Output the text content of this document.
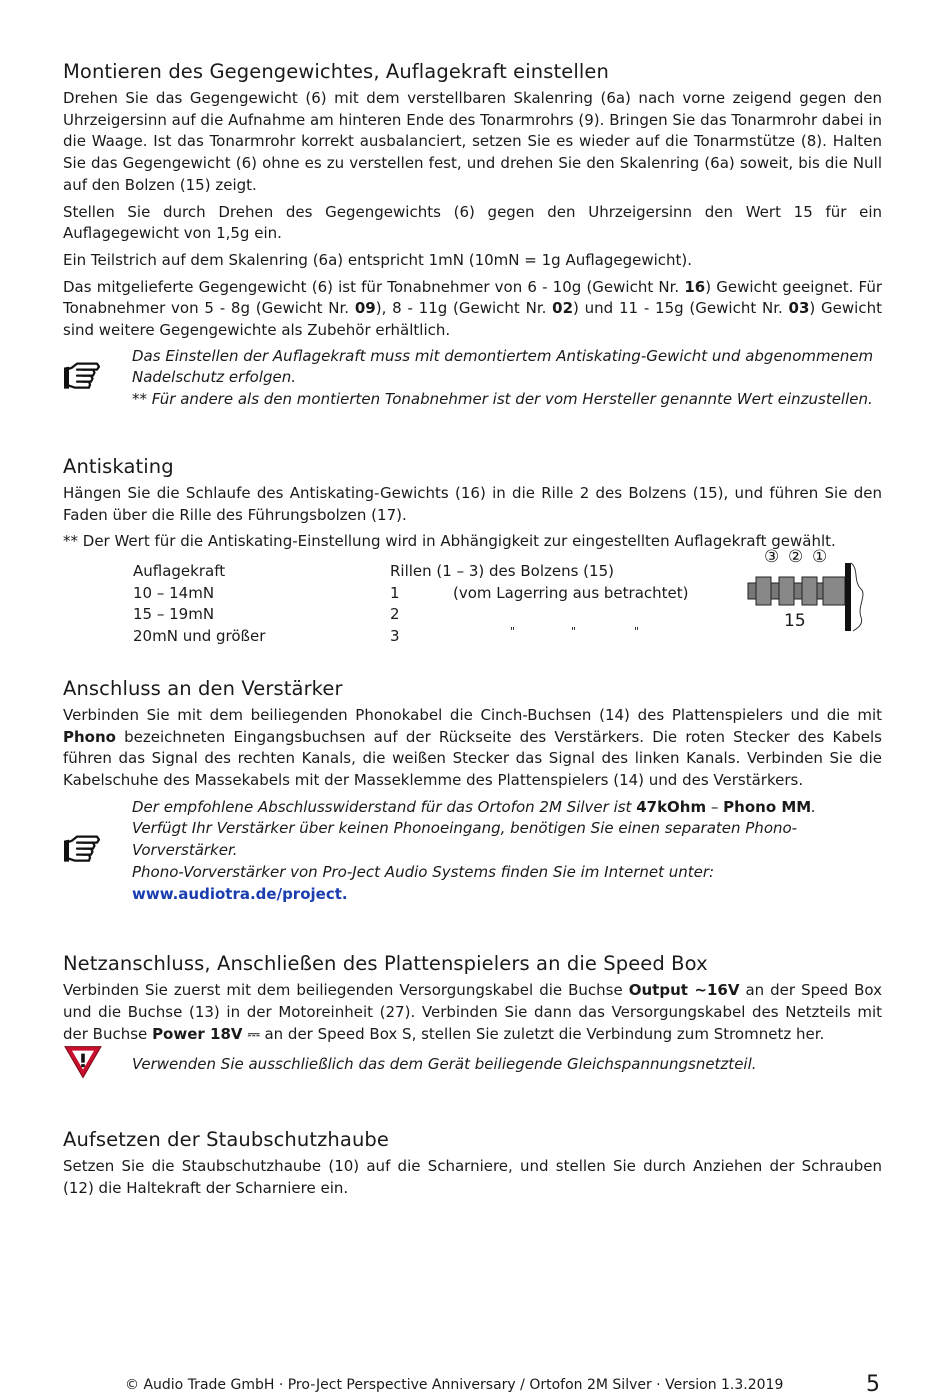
Montieren des Gegengewichtes, Auflagekraft einstellen

Drehen Sie das Gegengewicht (6) mit dem verstellbaren Skalenring (6a) nach vorne zeigend gegen den Uhrzeigersinn auf die Aufnahme am hinteren Ende des Tonarmrohrs (9). Bringen Sie das Tonarmrohr dabei in die Waage. Ist das Tonarmrohr korrekt ausbalanciert, setzen Sie es wieder auf die Tonarmstütze (8). Halten Sie das Gegengewicht (6) ohne es zu verstellen fest, und drehen Sie den Skalenring (6a) soweit, bis die Null auf den Bolzen (15) zeigt.

Stellen Sie durch Drehen des Gegengewichts (6) gegen den Uhrzeigersinn den Wert 15 für ein Auflagegewicht von 1,5g ein.

Ein Teilstrich auf dem Skalenring (6a) entspricht 1mN (10mN = 1g Auflagegewicht).

Das mitgelieferte Gegengewicht (6) ist für Tonabnehmer von 6 - 10g (Gewicht Nr. 16) Gewicht geeignet. Für Tonabnehmer von 5 - 8g (Gewicht Nr. 09), 8 - 11g (Gewicht Nr. 02) und 11 - 15g (Gewicht Nr. 03) Gewicht sind weitere Gegengewichte als Zubehör erhältlich.

Das Einstellen der Auflagekraft muss mit demontiertem Antiskating-Gewicht und abgenommenem
Nadelschutz erfolgen.
** Für andere als den montierten Tonabnehmer ist der vom Hersteller genannte Wert einzustellen.
Antiskating

Hängen Sie die Schlaufe des Antiskating-Gewichts (16) in die Rille 2 des Bolzens (15), und führen Sie den Faden über die Rille des Führungsbolzen (17).

** Der Wert für die Antiskating-Einstellung wird in Abhängigkeit zur eingestellten Auflagekraft gewählt.

Auflagekraft	Rillen (1 – 3) des Bolzens (15)
10 – 14mN	1	(vom Lagerring aus betrachtet)
15 – 19mN	2
20mN und größer	3	"	"	"
③ ② ①
15
Anschluss an den Verstärker

Verbinden Sie mit dem beiliegenden Phonokabel die Cinch-Buchsen (14) des Plattenspielers und die mit Phono bezeichneten Eingangsbuchsen auf der Rückseite des Verstärkers. Die roten Stecker des Kabels führen das Signal des rechten Kanals, die weißen Stecker das Signal des linken Kanals. Verbinden Sie die Kabelschuhe des Massekabels mit der Masseklemme des Plattenspielers (14) und des Verstärkers.

Der empfohlene Abschlusswiderstand für das Ortofon 2M Silver ist 47kOhm – Phono MM.
Verfügt Ihr Verstärker über keinen Phonoeingang, benötigen Sie einen separaten Phono-Vorverstärker.
Phono-Vorverstärker von Pro-Ject Audio Systems finden Sie im Internet unter: www.audiotra.de/project.
Netzanschluss, Anschließen des Plattenspielers an die Speed Box

Verbinden Sie zuerst mit dem beiliegenden Versorgungskabel die Buchse Output ~16V an der Speed Box und die Buchse (13) in der Motoreinheit (27). Verbinden Sie dann das Versorgungskabel des Netzteils mit der Buchse Power 18V ⎓ an der Speed Box S, stellen Sie zuletzt die Verbindung zum Stromnetz her.

Verwenden Sie ausschließlich das dem Gerät beiliegende Gleichspannungsnetzteil.
Aufsetzen der Staubschutzhaube

Setzen Sie die Staubschutzhaube (10) auf die Scharniere, und stellen Sie durch Anziehen der Schrauben (12) die Haltekraft der Scharniere ein.

© Audio Trade GmbH · Pro-Ject Perspective Anniversary / Ortofon 2M Silver · Version 1.3.2019	5
